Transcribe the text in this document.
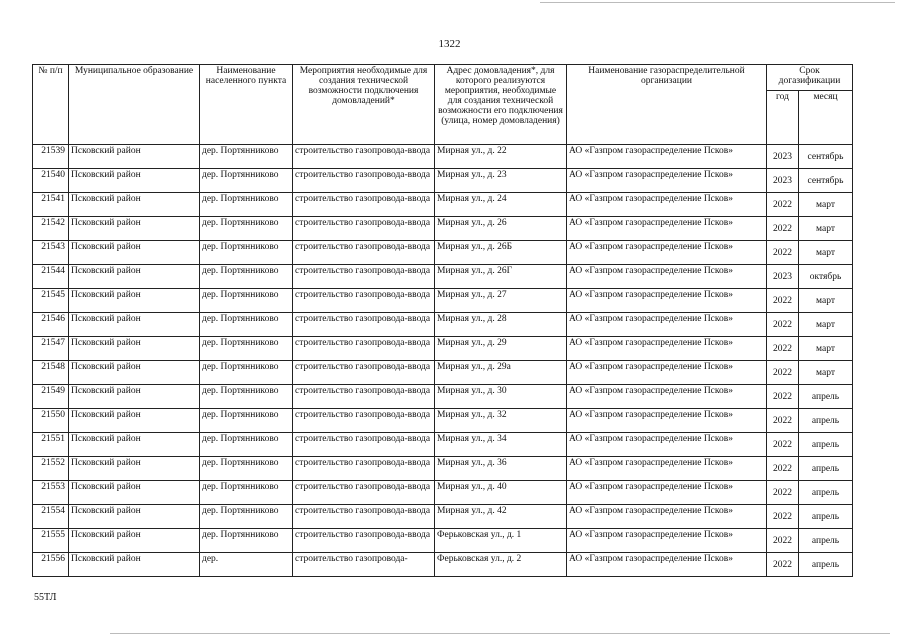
1322
№ п/п	Муниципальное образование	Наименование населенного пункта	Мероприятия необходимые для создания технической возможности подключения домовладений*	Адрес домовладения*, для которого реализуются мероприятия, необходимые для создания технической возможности его подключения (улица, номер домовладения)	Наименование газораспределительной организации	Срок догазификации	
						год	месяц
21539	Псковский район	дер. Портянниково	строительство газопровода-ввода	Мирная ул., д. 22	АО «Газпром газораспределение Псков»	2023	сентябрь
21540	Псковский район	дер. Портянниково	строительство газопровода-ввода	Мирная ул., д. 23	АО «Газпром газораспределение Псков»	2023	сентябрь
21541	Псковский район	дер. Портянниково	строительство газопровода-ввода	Мирная ул., д. 24	АО «Газпром газораспределение Псков»	2022	март
21542	Псковский район	дер. Портянниково	строительство газопровода-ввода	Мирная ул., д. 26	АО «Газпром газораспределение Псков»	2022	март
21543	Псковский район	дер. Портянниково	строительство газопровода-ввода	Мирная ул., д. 26Б	АО «Газпром газораспределение Псков»	2022	март
21544	Псковский район	дер. Портянниково	строительство газопровода-ввода	Мирная ул., д. 26Г	АО «Газпром газораспределение Псков»	2023	октябрь
21545	Псковский район	дер. Портянниково	строительство газопровода-ввода	Мирная ул., д. 27	АО «Газпром газораспределение Псков»	2022	март
21546	Псковский район	дер. Портянниково	строительство газопровода-ввода	Мирная ул., д. 28	АО «Газпром газораспределение Псков»	2022	март
21547	Псковский район	дер. Портянниково	строительство газопровода-ввода	Мирная ул., д. 29	АО «Газпром газораспределение Псков»	2022	март
21548	Псковский район	дер. Портянниково	строительство газопровода-ввода	Мирная ул., д. 29а	АО «Газпром газораспределение Псков»	2022	март
21549	Псковский район	дер. Портянниково	строительство газопровода-ввода	Мирная ул., д. 30	АО «Газпром газораспределение Псков»	2022	апрель
21550	Псковский район	дер. Портянниково	строительство газопровода-ввода	Мирная ул., д. 32	АО «Газпром газораспределение Псков»	2022	апрель
21551	Псковский район	дер. Портянниково	строительство газопровода-ввода	Мирная ул., д. 34	АО «Газпром газораспределение Псков»	2022	апрель
21552	Псковский район	дер. Портянниково	строительство газопровода-ввода	Мирная ул., д. 36	АО «Газпром газораспределение Псков»	2022	апрель
21553	Псковский район	дер. Портянниково	строительство газопровода-ввода	Мирная ул., д. 40	АО «Газпром газораспределение Псков»	2022	апрель
21554	Псковский район	дер. Портянниково	строительство газопровода-ввода	Мирная ул., д. 42	АО «Газпром газораспределение Псков»	2022	апрель
21555	Псковский район	дер. Портянниково	строительство газопровода-ввода	Ферьковская ул., д. 1	АО «Газпром газораспределение Псков»	2022	апрель
21556	Псковский район	дер.	строительство газопровода-	Ферьковская ул., д. 2	АО «Газпром газораспределение Псков»	2022	апрель
55ТЛ
